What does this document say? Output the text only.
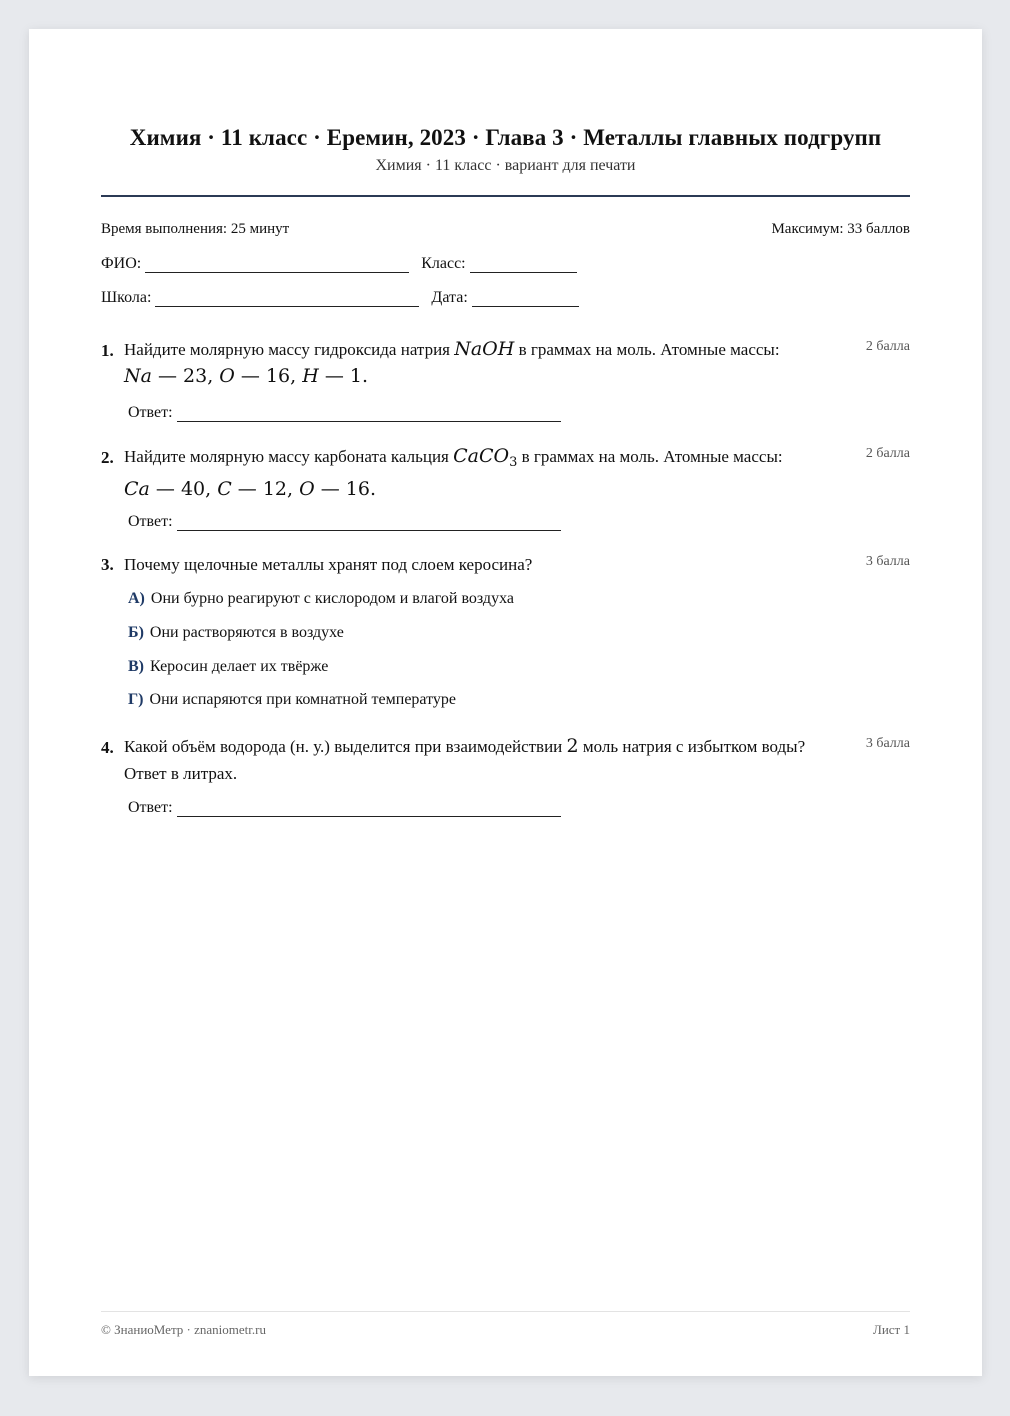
Химия · 11 класс · Еремин, 2023 · Глава 3 · Металлы главных подгрупп
Химия · 11 класс · вариант для печати
Время выполнения: 25 минут	Максимум: 33 баллов
ФИО:	Класс:
Школа:	Дата:
1. Найдите молярную массу гидроксида натрия NaOH в граммах на моль. Атомные массы:
Na — 23, O — 16, H — 1.
2 балла
Ответ:
2. Найдите молярную массу карбоната кальция CaCO$_3$ в граммах на моль. Атомные массы:
Ca — 40, C — 12, O — 16.
2 балла
Ответ:
3. Почему щелочные металлы хранят под слоем керосина?	3 балла
А) Они бурно реагируют с кислородом и влагой воздуха
Б) Они растворяются в воздухе
В) Керосин делает их твёрже
Г) Они испаряются при комнатной температуре
4. Какой объём водорода (н. у.) выделится при взаимодействии 2 моль натрия с избытком воды?
Ответ в литрах.
3 балла
Ответ:
© ЗнаниоМетр · znaniometr.ru	Лист 1
